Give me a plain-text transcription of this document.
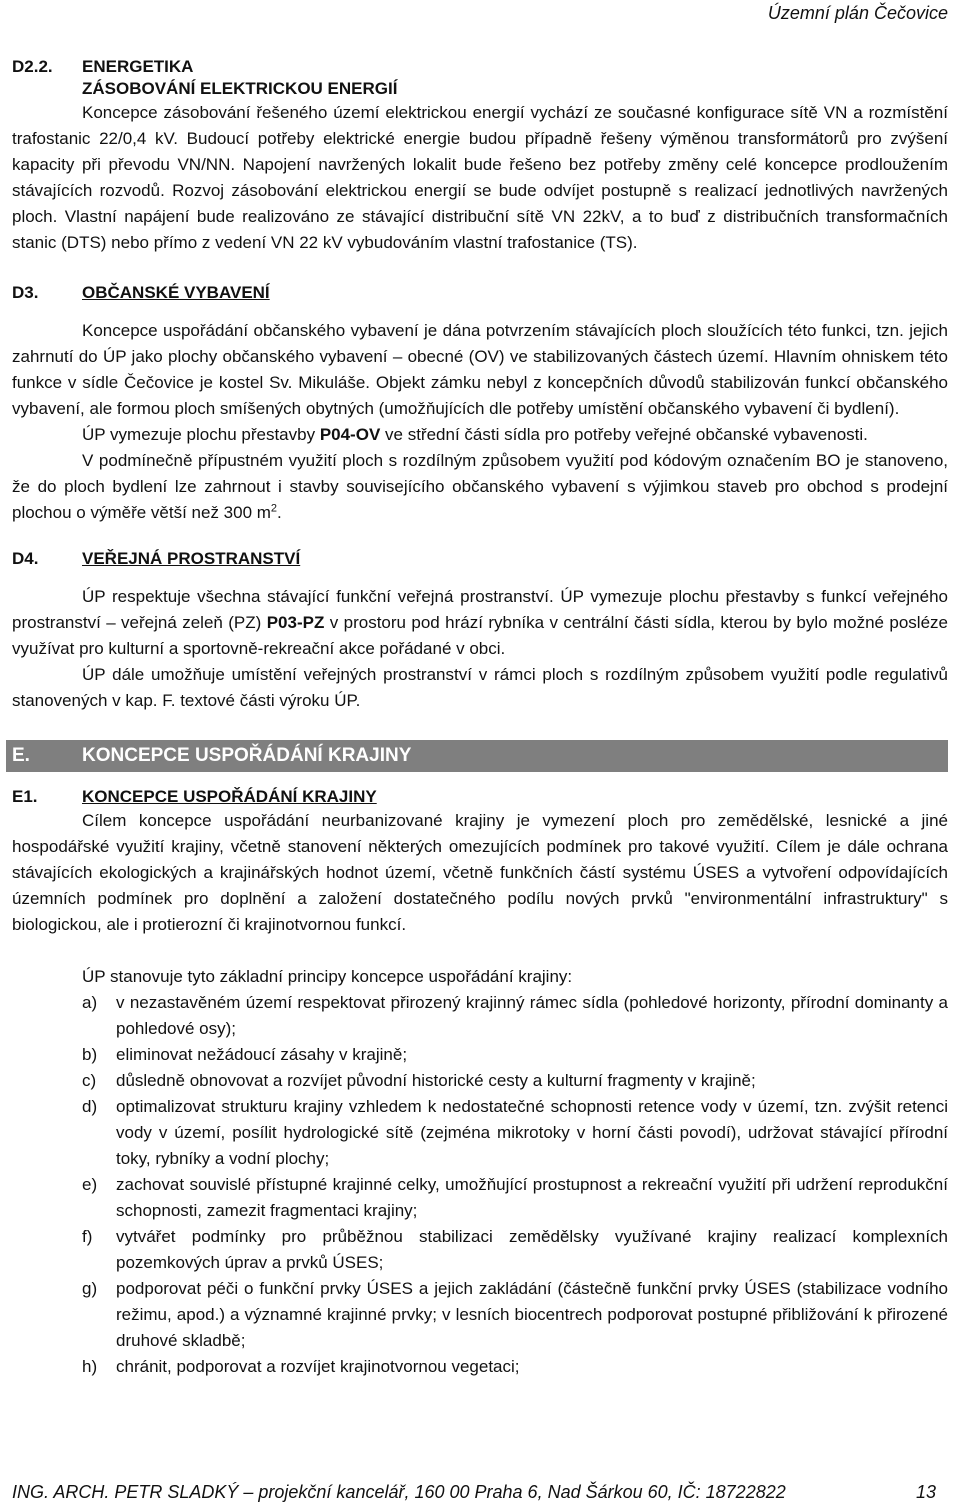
Územní plán Čečovice
D2.2.	ENERGETIKA
ZÁSOBOVÁNÍ ELEKTRICKOU ENERGIÍ

Koncepce zásobování řešeného území elektrickou energií vychází ze současné konfigurace sítě VN a rozmístění trafostanic 22/0,4 kV. Budoucí potřeby elektrické energie budou případně řešeny výměnou transformátorů pro zvýšení kapacity při převodu VN/NN. Napojení navržených lokalit bude řešeno bez potřeby změny celé koncepce prodloužením stávajících rozvodů. Rozvoj zásobování elektrickou energií se bude odvíjet postupně s realizací jednotlivých navržených ploch. Vlastní napájení bude realizováno ze stávající distribuční sítě VN 22kV, a to buď z distribučních transformačních stanic (DTS) nebo přímo z vedení VN 22 kV vybudováním vlastní trafostanice (TS).

D3.	OBČANSKÉ VYBAVENÍ

Koncepce uspořádání občanského vybavení je dána potvrzením stávajících ploch sloužících této funkci, tzn. jejich zahrnutí do ÚP jako plochy občanského vybavení – obecné (OV) ve stabilizovaných částech území. Hlavním ohniskem této funkce v sídle Čečovice je kostel Sv. Mikuláše. Objekt zámku nebyl z koncepčních důvodů stabilizován funkcí občanského vybavení, ale formou ploch smíšených obytných (umožňujících dle potřeby umístění občanského vybavení či bydlení).

ÚP vymezuje plochu přestavby P04-OV ve střední části sídla pro potřeby veřejné občanské vybavenosti.

V podmínečně přípustném využití ploch s rozdílným způsobem využití pod kódovým označením BO je stanoveno, že do ploch bydlení lze zahrnout i stavby souvisejícího občanského vybavení s výjimkou staveb pro obchod s prodejní plochou o výměře větší než 300 $m^2$.

D4.	VEŘEJNÁ PROSTRANSTVÍ

ÚP respektuje všechna stávající funkční veřejná prostranství. ÚP vymezuje plochu přestavby s funkcí veřejného prostranství – veřejná zeleň (PZ) P03-PZ v prostoru pod hrází rybníka v centrální části sídla, kterou by bylo možné posléze využívat pro kulturní a sportovně-rekreační akce pořádané v obci.

ÚP dále umožňuje umístění veřejných prostranství v rámci ploch s rozdílným způsobem využití podle regulativů stanovených v kap. F. textové části výroku ÚP.

E.	KONCEPCE USPOŘÁDÁNÍ KRAJINY
E1.	KONCEPCE USPOŘÁDÁNÍ KRAJINY

Cílem koncepce uspořádání neurbanizované krajiny je vymezení ploch pro zemědělské, lesnické a jiné hospodářské využití krajiny, včetně stanovení některých omezujících podmínek pro takové využití. Cílem je dále ochrana stávajících ekologických a krajinářských hodnot území, včetně funkčních částí systému ÚSES a vytvoření odpovídajících územních podmínek pro doplnění a založení dostatečného podílu nových prvků "environmentální infrastruktury" s biologickou, ale i protierozní či krajinotvornou funkcí.

ÚP stanovuje tyto základní principy koncepce uspořádání krajiny:
a)	v nezastavěném území respektovat přirozený krajinný rámec sídla (pohledové horizonty, přírodní dominanty a pohledové osy);
b)	eliminovat nežádoucí zásahy v krajině;
c)	důsledně obnovovat a rozvíjet původní historické cesty a kulturní fragmenty v krajině;
d)	optimalizovat strukturu krajiny vzhledem k nedostatečné schopnosti retence vody v území, tzn. zvýšit retenci vody v území, posílit hydrologické sítě (zejména mikrotoky v horní části povodí), udržovat stávající přírodní toky, rybníky a vodní plochy;
e)	zachovat souvislé přístupné krajinné celky, umožňující prostupnost a rekreační využití při udržení reprodukční schopnosti, zamezit fragmentaci krajiny;
f)	vytvářet podmínky pro průběžnou stabilizaci zemědělsky využívané krajiny realizací komplexních pozemkových úprav a prvků ÚSES;
g)	podporovat péči o funkční prvky ÚSES a jejich zakládání (částečně funkční prvky ÚSES (stabilizace vodního režimu, apod.) a významné krajinné prvky; v lesních biocentrech podporovat postupné přibližování k přirozené druhové skladbě;
h)	chránit, podporovat a rozvíjet krajinotvornou vegetaci;
ING. ARCH. PETR SLADKÝ – projekční kancelář, 160 00 Praha 6, Nad Šárkou 60, IČ: 18722822	13
